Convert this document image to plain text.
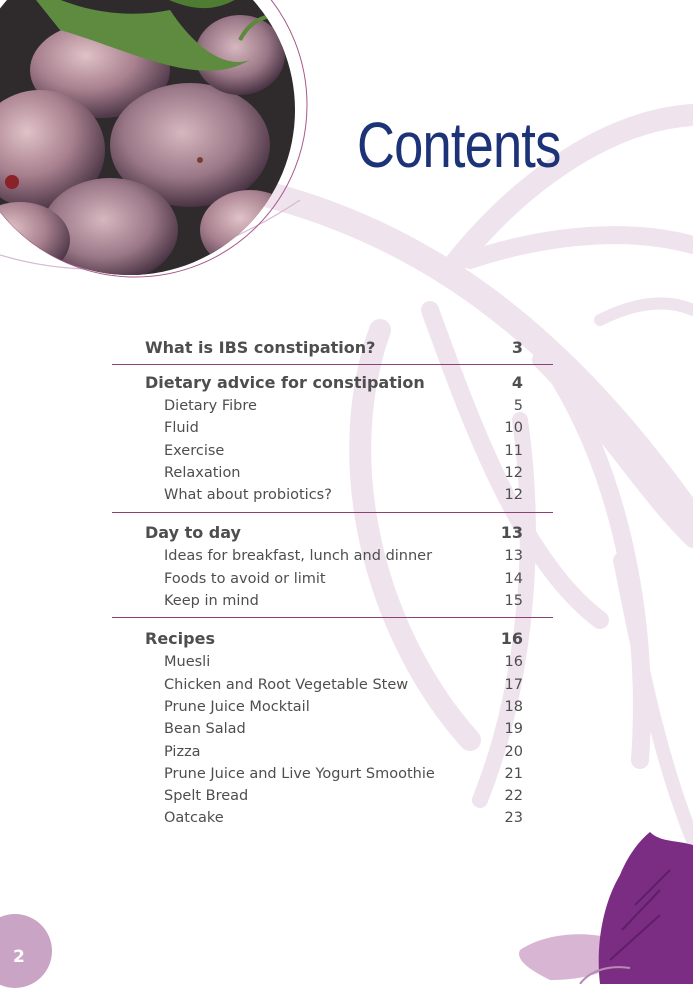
Contents
What is IBS constipation?	3
Dietary advice for constipation	4
Dietary Fibre	5
Fluid	10
Exercise	11
Relaxation	12
What about probiotics?	12
Day to day	13
Ideas for breakfast, lunch and dinner	13
Foods to avoid or limit	14
Keep in mind	15
Recipes	16
Muesli	16
Chicken and Root Vegetable Stew	17
Prune Juice Mocktail	18
Bean Salad	19
Pizza	20
Prune Juice and Live Yogurt Smoothie	21
Spelt Bread	22
Oatcake	23
2
